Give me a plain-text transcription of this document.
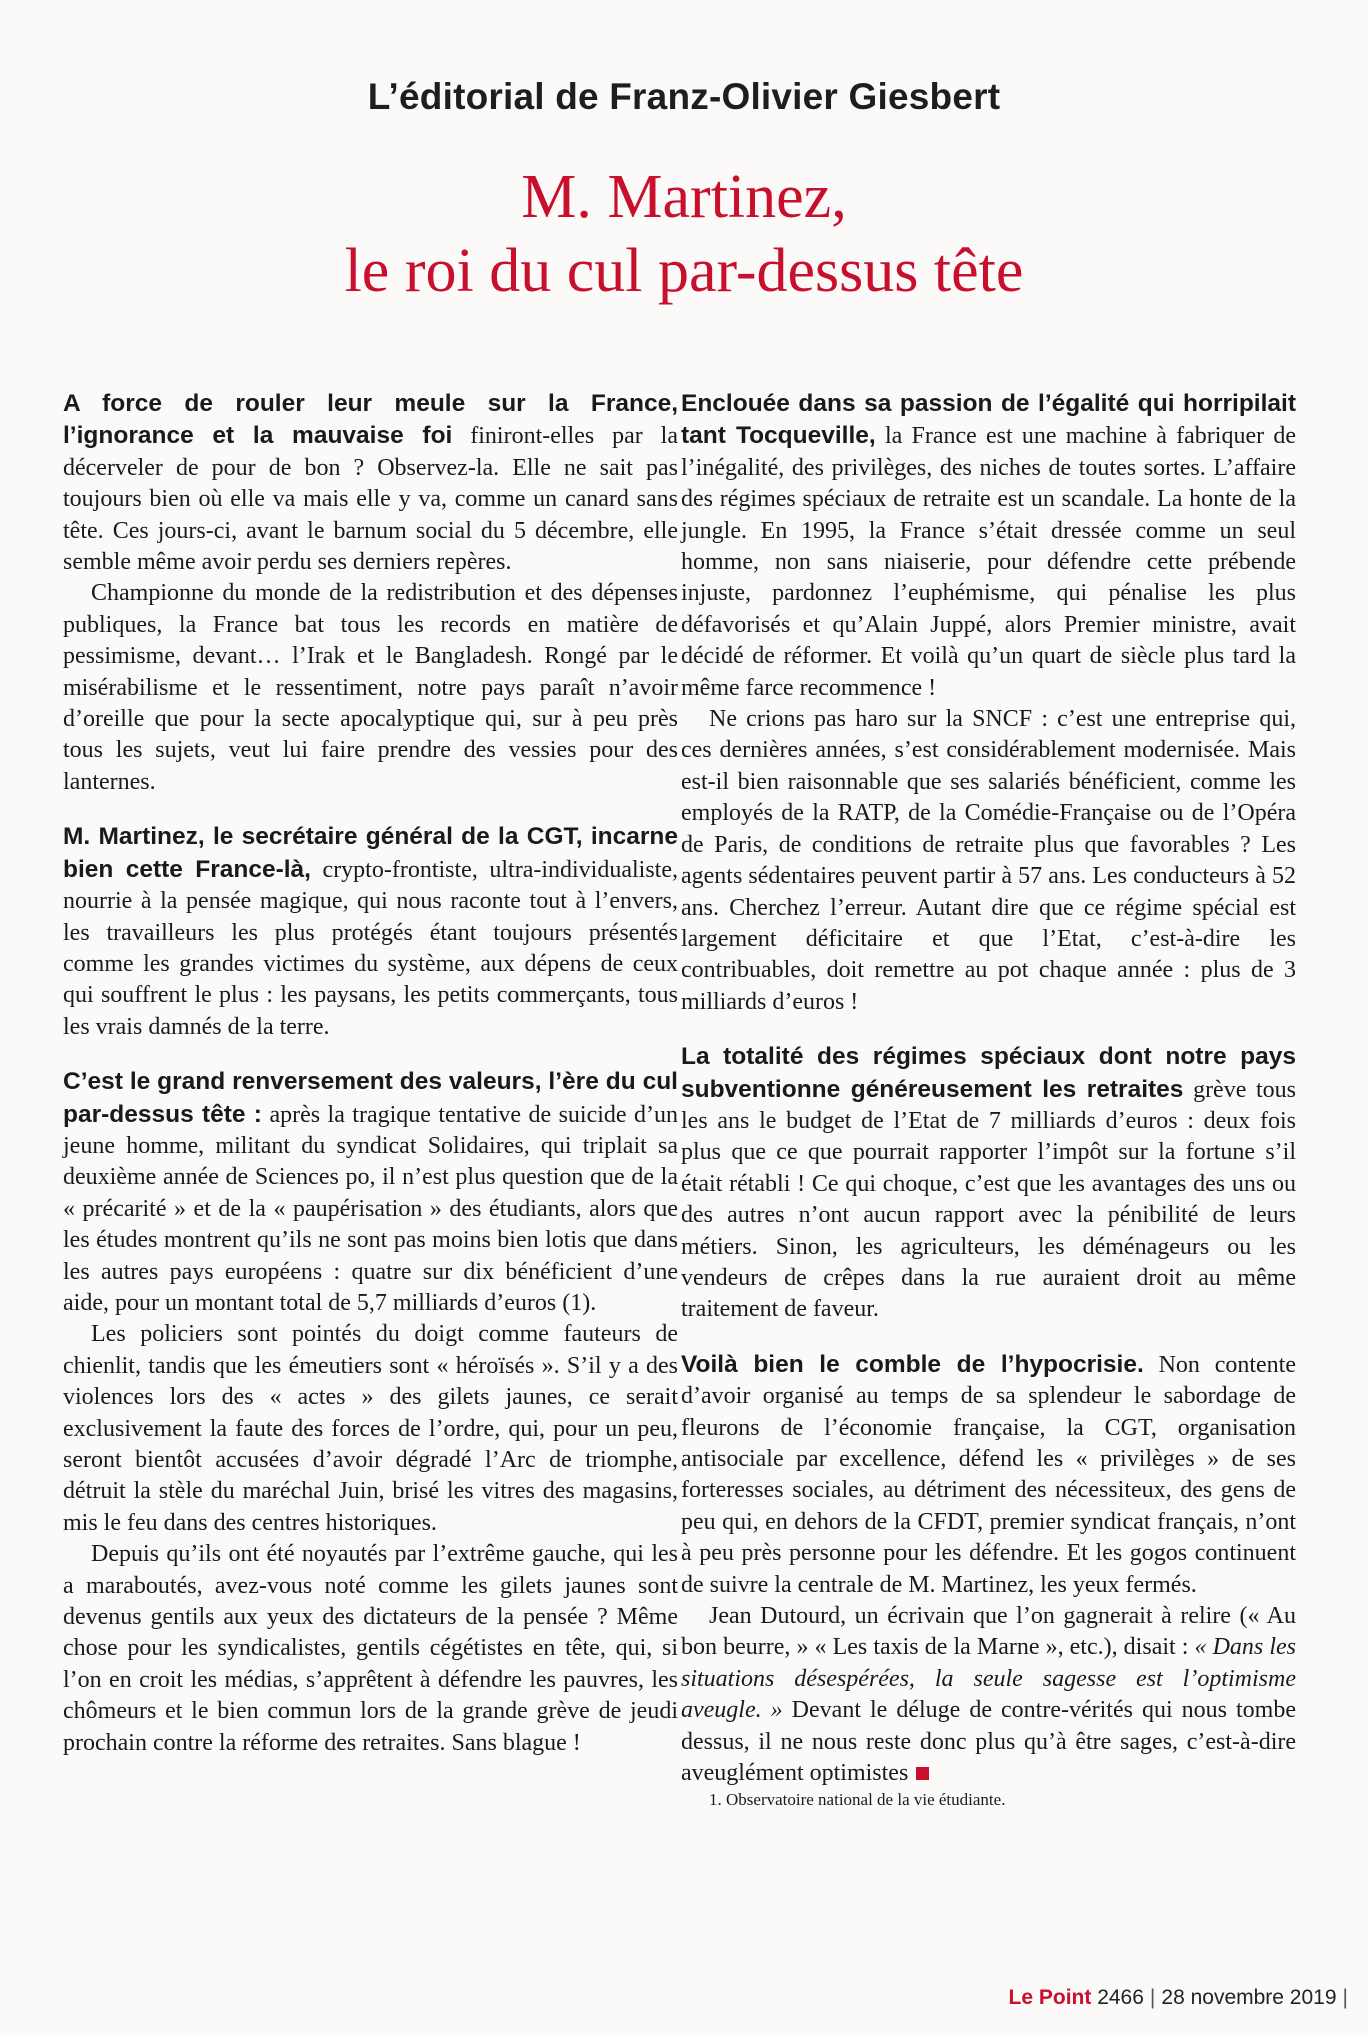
L’éditorial de Franz-Olivier Giesbert
M. Martinez,
le roi du cul par-dessus tête

A force de rouler leur meule sur la France, l’ignorance et la mauvaise foi finiront-elles par la décerveler de pour de bon ? Observez-la. Elle ne sait pas toujours bien où elle va mais elle y va, comme un canard sans tête. Ces jours-ci, avant le barnum social du 5 décembre, elle semble même avoir perdu ses derniers repères.

Championne du monde de la redistribution et des dépenses publiques, la France bat tous les records en matière de pessimisme, devant… l’Irak et le Bangladesh. Rongé par le misérabilisme et le ressentiment, notre pays paraît n’avoir d’oreille que pour la secte apocalyptique qui, sur à peu près tous les sujets, veut lui faire prendre des vessies pour des lanternes.

M. Martinez, le secrétaire général de la CGT, incarne bien cette France-là, crypto-frontiste, ultra-individualiste, nourrie à la pensée magique, qui nous raconte tout à l’envers, les travailleurs les plus protégés étant toujours présentés comme les grandes victimes du système, aux dépens de ceux qui souffrent le plus : les paysans, les petits commerçants, tous les vrais damnés de la terre.

C’est le grand renversement des valeurs, l’ère du cul par-dessus tête : après la tragique tentative de suicide d’un jeune homme, militant du syndicat Solidaires, qui triplait sa deuxième année de Sciences po, il n’est plus question que de la « précarité » et de la « paupérisation » des étudiants, alors que les études montrent qu’ils ne sont pas moins bien lotis que dans les autres pays européens : quatre sur dix bénéficient d’une aide, pour un montant total de 5,7 milliards d’euros (1).

Les policiers sont pointés du doigt comme fauteurs de chienlit, tandis que les émeutiers sont « héroïsés ». S’il y a des violences lors des « actes » des gilets jaunes, ce serait exclusivement la faute des forces de l’ordre, qui, pour un peu, seront bientôt accusées d’avoir dégradé l’Arc de triomphe, détruit la stèle du maréchal Juin, brisé les vitres des magasins, mis le feu dans des centres historiques.

Depuis qu’ils ont été noyautés par l’extrême gauche, qui les a maraboutés, avez-vous noté comme les gilets jaunes sont devenus gentils aux yeux des dictateurs de la pensée ? Même chose pour les syndicalistes, gentils cégétistes en tête, qui, si l’on en croit les médias, s’apprêtent à défendre les pauvres, les chômeurs et le bien commun lors de la grande grève de jeudi prochain contre la réforme des retraites. Sans blague !

Enclouée dans sa passion de l’égalité qui horripilait tant Tocqueville, la France est une machine à fabriquer de l’inégalité, des privilèges, des niches de toutes sortes. L’affaire des régimes spéciaux de retraite est un scandale. La honte de la jungle. En 1995, la France s’était dressée comme un seul homme, non sans niaiserie, pour défendre cette prébende injuste, pardonnez l’euphémisme, qui pénalise les plus défavorisés et qu’Alain Juppé, alors Premier ministre, avait décidé de réformer. Et voilà qu’un quart de siècle plus tard la même farce recommence !

Ne crions pas haro sur la SNCF : c’est une entreprise qui, ces dernières années, s’est considérablement modernisée. Mais est-il bien raisonnable que ses salariés bénéficient, comme les employés de la RATP, de la Comédie-Française ou de l’Opéra de Paris, de conditions de retraite plus que favorables ? Les agents sédentaires peuvent partir à 57 ans. Les conducteurs à 52 ans. Cherchez l’erreur. Autant dire que ce régime spécial est largement déficitaire et que l’Etat, c’est-à-dire les contribuables, doit remettre au pot chaque année : plus de 3 milliards d’euros !

La totalité des régimes spéciaux dont notre pays subventionne généreusement les retraites grève tous les ans le budget de l’Etat de 7 milliards d’euros : deux fois plus que ce que pourrait rapporter l’impôt sur la fortune s’il était rétabli ! Ce qui choque, c’est que les avantages des uns ou des autres n’ont aucun rapport avec la pénibilité de leurs métiers. Sinon, les agriculteurs, les déménageurs ou les vendeurs de crêpes dans la rue auraient droit au même traitement de faveur.

Voilà bien le comble de l’hypocrisie. Non contente d’avoir organisé au temps de sa splendeur le sabordage de fleurons de l’économie française, la CGT, organisation antisociale par excellence, défend les « privilèges » de ses forteresses sociales, au détriment des nécessiteux, des gens de peu qui, en dehors de la CFDT, premier syndicat français, n’ont à peu près personne pour les défendre. Et les gogos continuent de suivre la centrale de M. Martinez, les yeux fermés.

Jean Dutourd, un écrivain que l’on gagnerait à relire (« Au bon beurre, » « Les taxis de la Marne », etc.), disait : « Dans les situations désespérées, la seule sagesse est l’optimisme aveugle. » Devant le déluge de contre-vérités qui nous tombe dessus, il ne nous reste donc plus qu’à être sages, c’est-à-dire aveuglément optimistes

1. Observatoire national de la vie étudiante.

Le Point 2466 | 28 novembre 2019 |
